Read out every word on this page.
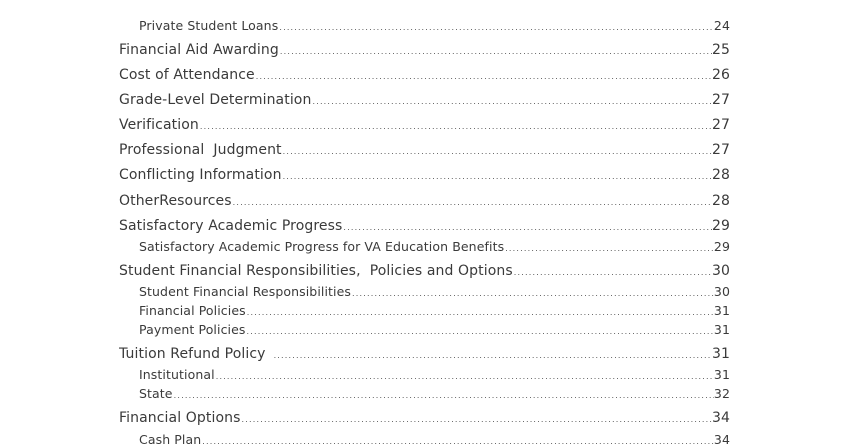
Private Student Loans .....	24
Financial Aid Awarding .....	25
Cost of Attendance .....	26
Grade-Level Determination .....	27
Verification .....	27
Professional  Judgment .....	27
Conflicting Information .....	28
OtherResources .....	28
Satisfactory Academic Progress .....	29
Satisfactory Academic Progress for VA Education Benefits .....	29
Student Financial Responsibilities,  Policies and Options .....	30
Student Financial Responsibilities .....	30
Financial Policies .....	31
Payment Policies .....	31
Tuition Refund Policy .....	31
Institutional .....	31
State .....	32
Financial Options .....	34
Cash Plan .....	34
